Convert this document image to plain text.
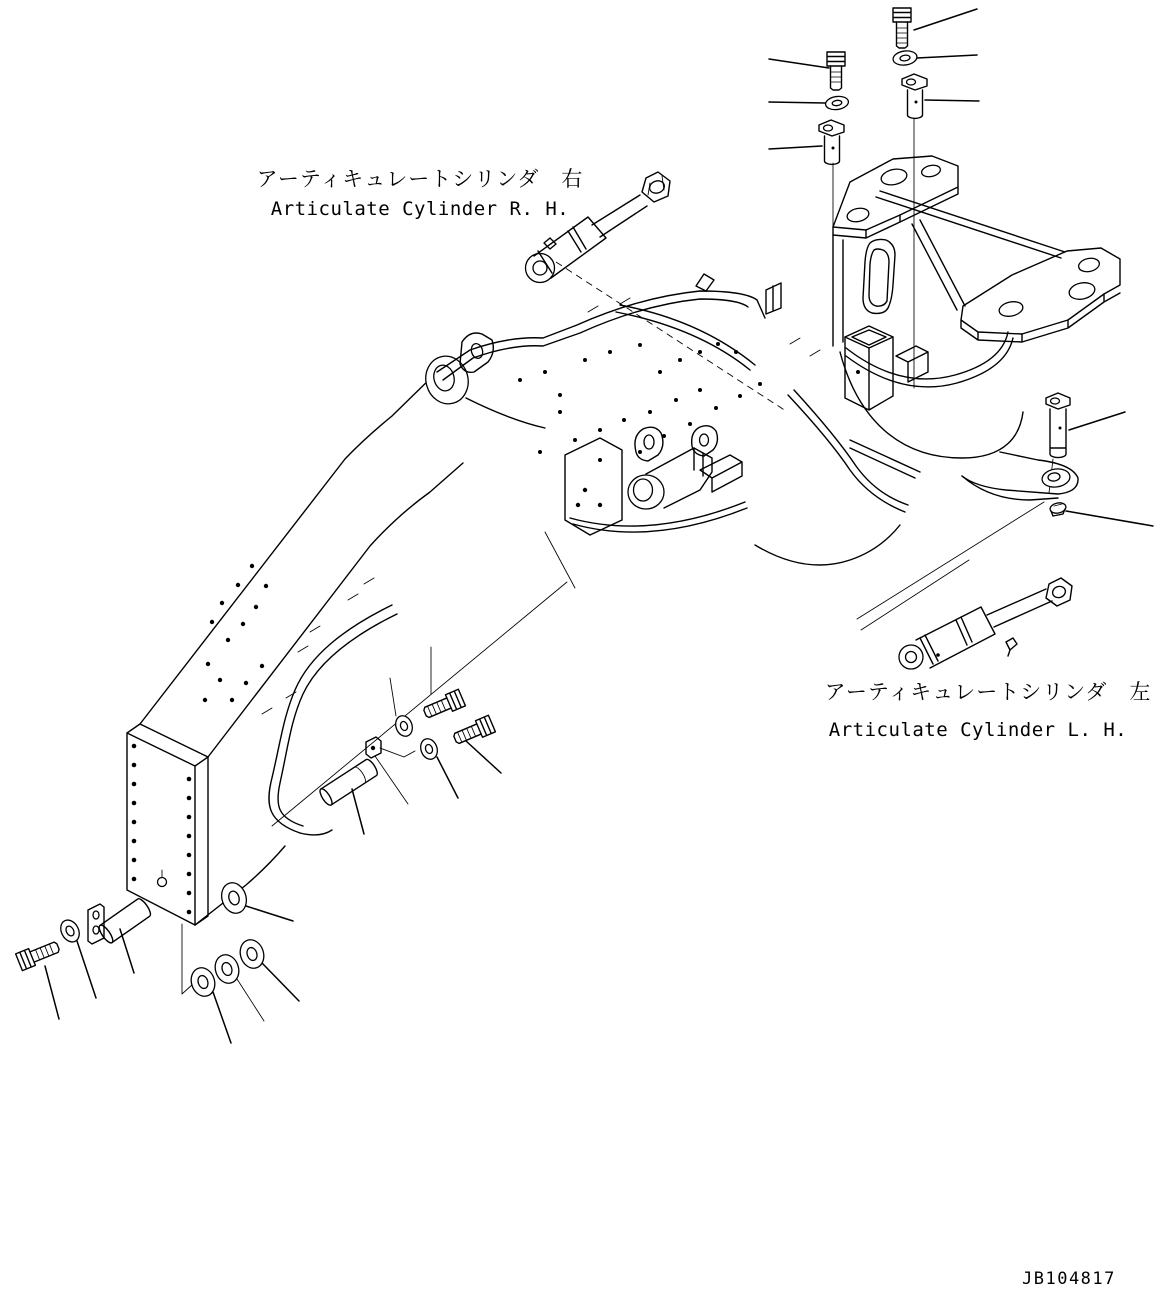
アーティキュレートシリンダ　右
Articulate Cylinder R. H.
アーティキュレートシリンダ　左
Articulate Cylinder L. H.
JB104817
